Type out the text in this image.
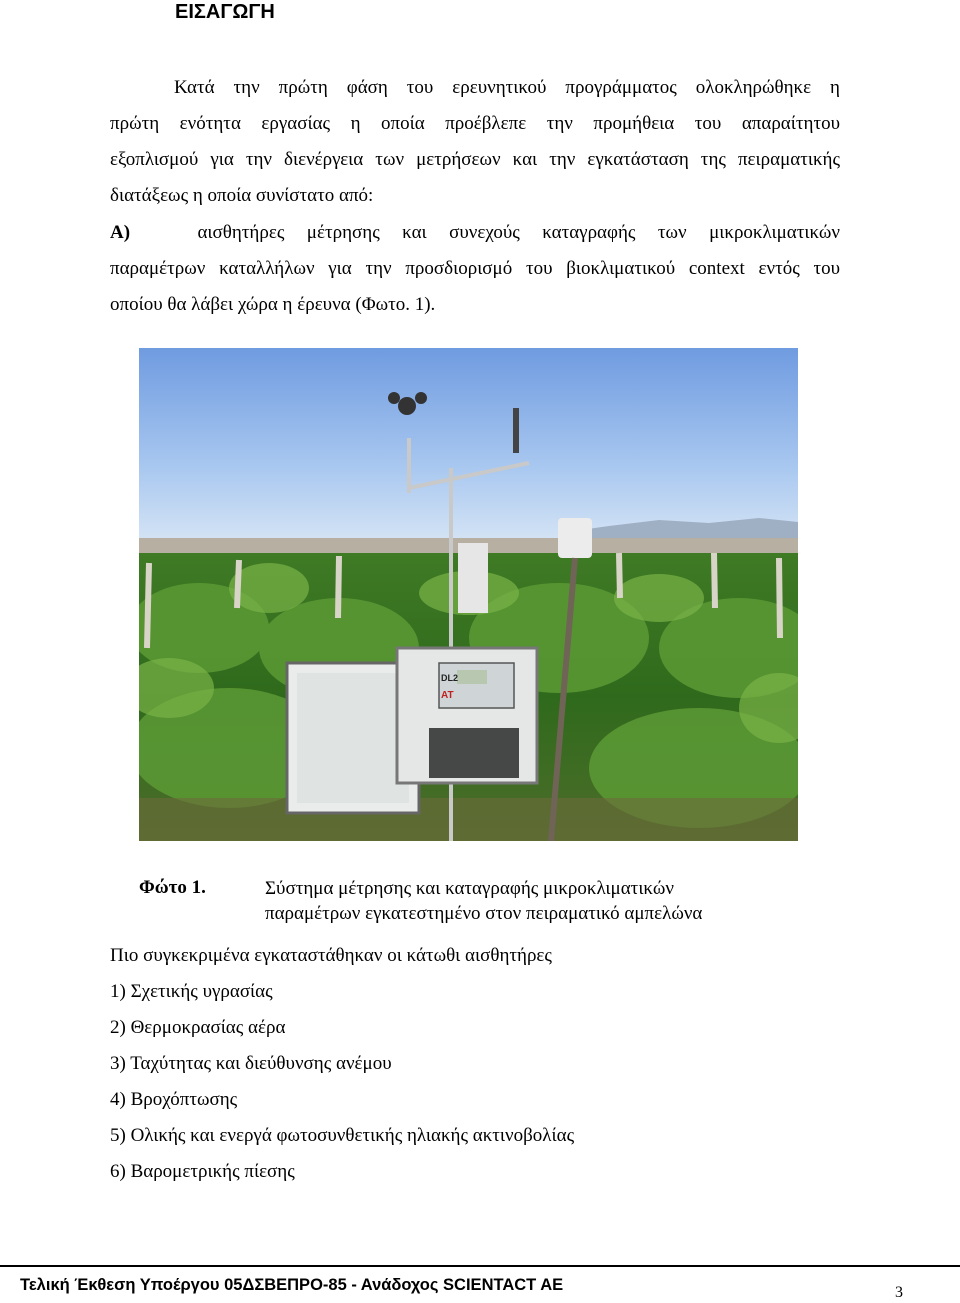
ΕΙΣΑΓΩΓΗ
Κατά την πρώτη φάση του ερευνητικού προγράμματος ολοκληρώθηκε η
πρώτη ενότητα εργασίας η οποία προέβλεπε την προμήθεια του απαραίτητου
εξοπλισμού για την διενέργεια των μετρήσεων και την εγκατάσταση της πειραματικής
διατάξεως η οποία συνίστατο από:
Α)	αισθητήρες μέτρησης και συνεχούς καταγραφής των μικροκλιματικών
παραμέτρων καταλλήλων για την προσδιορισμό του βιοκλιματικού context εντός του
οποίου θα λάβει χώρα η έρευνα (Φωτο. 1).
AT
DL2
Φώτο 1.	Σύστημα μέτρησης και καταγραφής μικροκλιματικών
παραμέτρων εγκατεστημένο στον πειραματικό αμπελώνα
Πιο συγκεκριμένα εγκαταστάθηκαν οι κάτωθι αισθητήρες
1) Σχετικής υγρασίας
2) Θερμοκρασίας αέρα
3) Ταχύτητας και διεύθυνσης ανέμου
4) Βροχόπτωσης
5) Ολικής και ενεργά φωτοσυνθετικής ηλιακής ακτινοβολίας
6) Βαρομετρικής πίεσης
Τελική Έκθεση Υποέργου 05ΔΣΒΕΠΡΟ-85 - Ανάδοχος SCIENTACT AE	3
